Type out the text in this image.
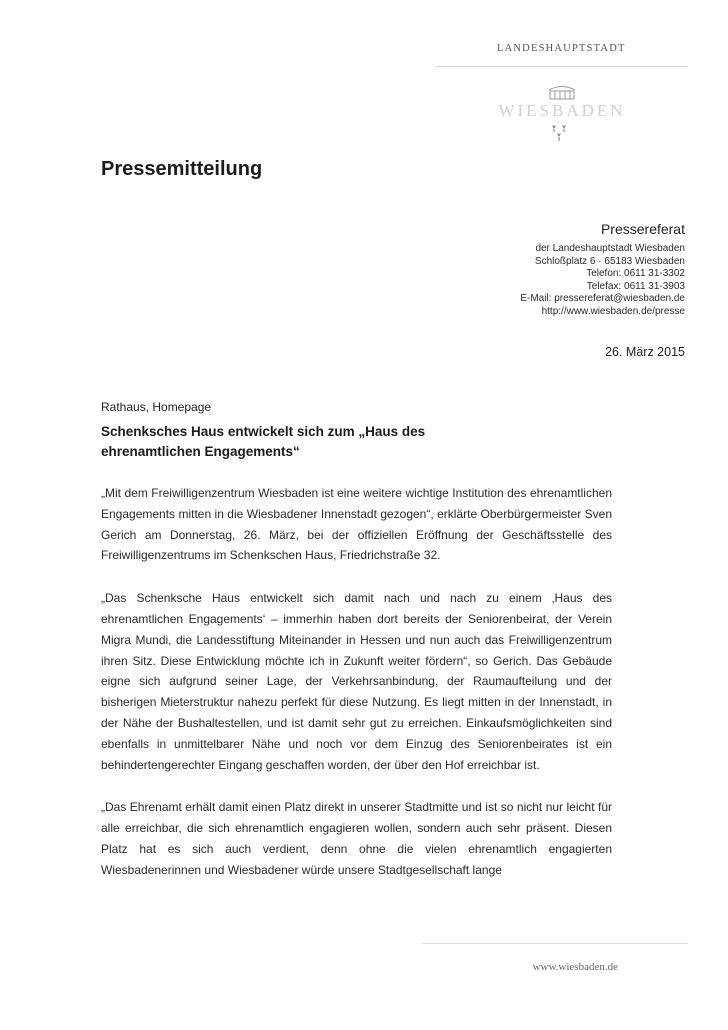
LANDESHAUPTSTADT
WIESBADEN
Pressemitteilung
Pressereferat
der Landeshauptstadt Wiesbaden
Schloßplatz 6 · 65183 Wiesbaden
Telefon: 0611 31-3302
Telefax: 0611 31-3903
E-Mail: pressereferat@wiesbaden.de
http://www.wiesbaden.de/presse
26. März 2015
Rathaus, Homepage
Schenksches Haus entwickelt sich zum „Haus des ehrenamtlichen Engagements“

„Mit dem Freiwilligenzentrum Wiesbaden ist eine weitere wichtige Institution des ehrenamtlichen Engagements mitten in die Wiesbadener Innenstadt gezogen“, erklärte Oberbürgermeister Sven Gerich am Donnerstag, 26. März, bei der offiziellen Eröffnung der Geschäftsstelle des Freiwilligenzentrums im Schenkschen Haus, Friedrichstraße 32.

„Das Schenksche Haus entwickelt sich damit nach und nach zu einem ‚Haus des ehrenamtlichen Engagements‘ – immerhin haben dort bereits der Seniorenbeirat, der Verein Migra Mundi, die Landesstiftung Miteinander in Hessen und nun auch das Freiwilligenzentrum ihren Sitz. Diese Entwicklung möchte ich in Zukunft weiter fördern“, so Gerich. Das Gebäude eigne sich aufgrund seiner Lage, der Verkehrsanbindung, der Raumaufteilung und der bisherigen Mieterstruktur nahezu perfekt für diese Nutzung. Es liegt mitten in der Innenstadt, in der Nähe der Bushaltestellen, und ist damit sehr gut zu erreichen. Einkaufsmöglichkeiten sind ebenfalls in unmittelbarer Nähe und noch vor dem Einzug des Seniorenbeirates ist ein behindertengerechter Eingang geschaffen worden, der über den Hof erreichbar ist.

„Das Ehrenamt erhält damit einen Platz direkt in unserer Stadtmitte und ist so nicht nur leicht für alle erreichbar, die sich ehrenamtlich engagieren wollen, sondern auch sehr präsent. Diesen Platz hat es sich auch verdient, denn ohne die vielen ehrenamtlich engagierten Wiesbadenerinnen und Wiesbadener würde unsere Stadtgesellschaft lange

www.wiesbaden.de
